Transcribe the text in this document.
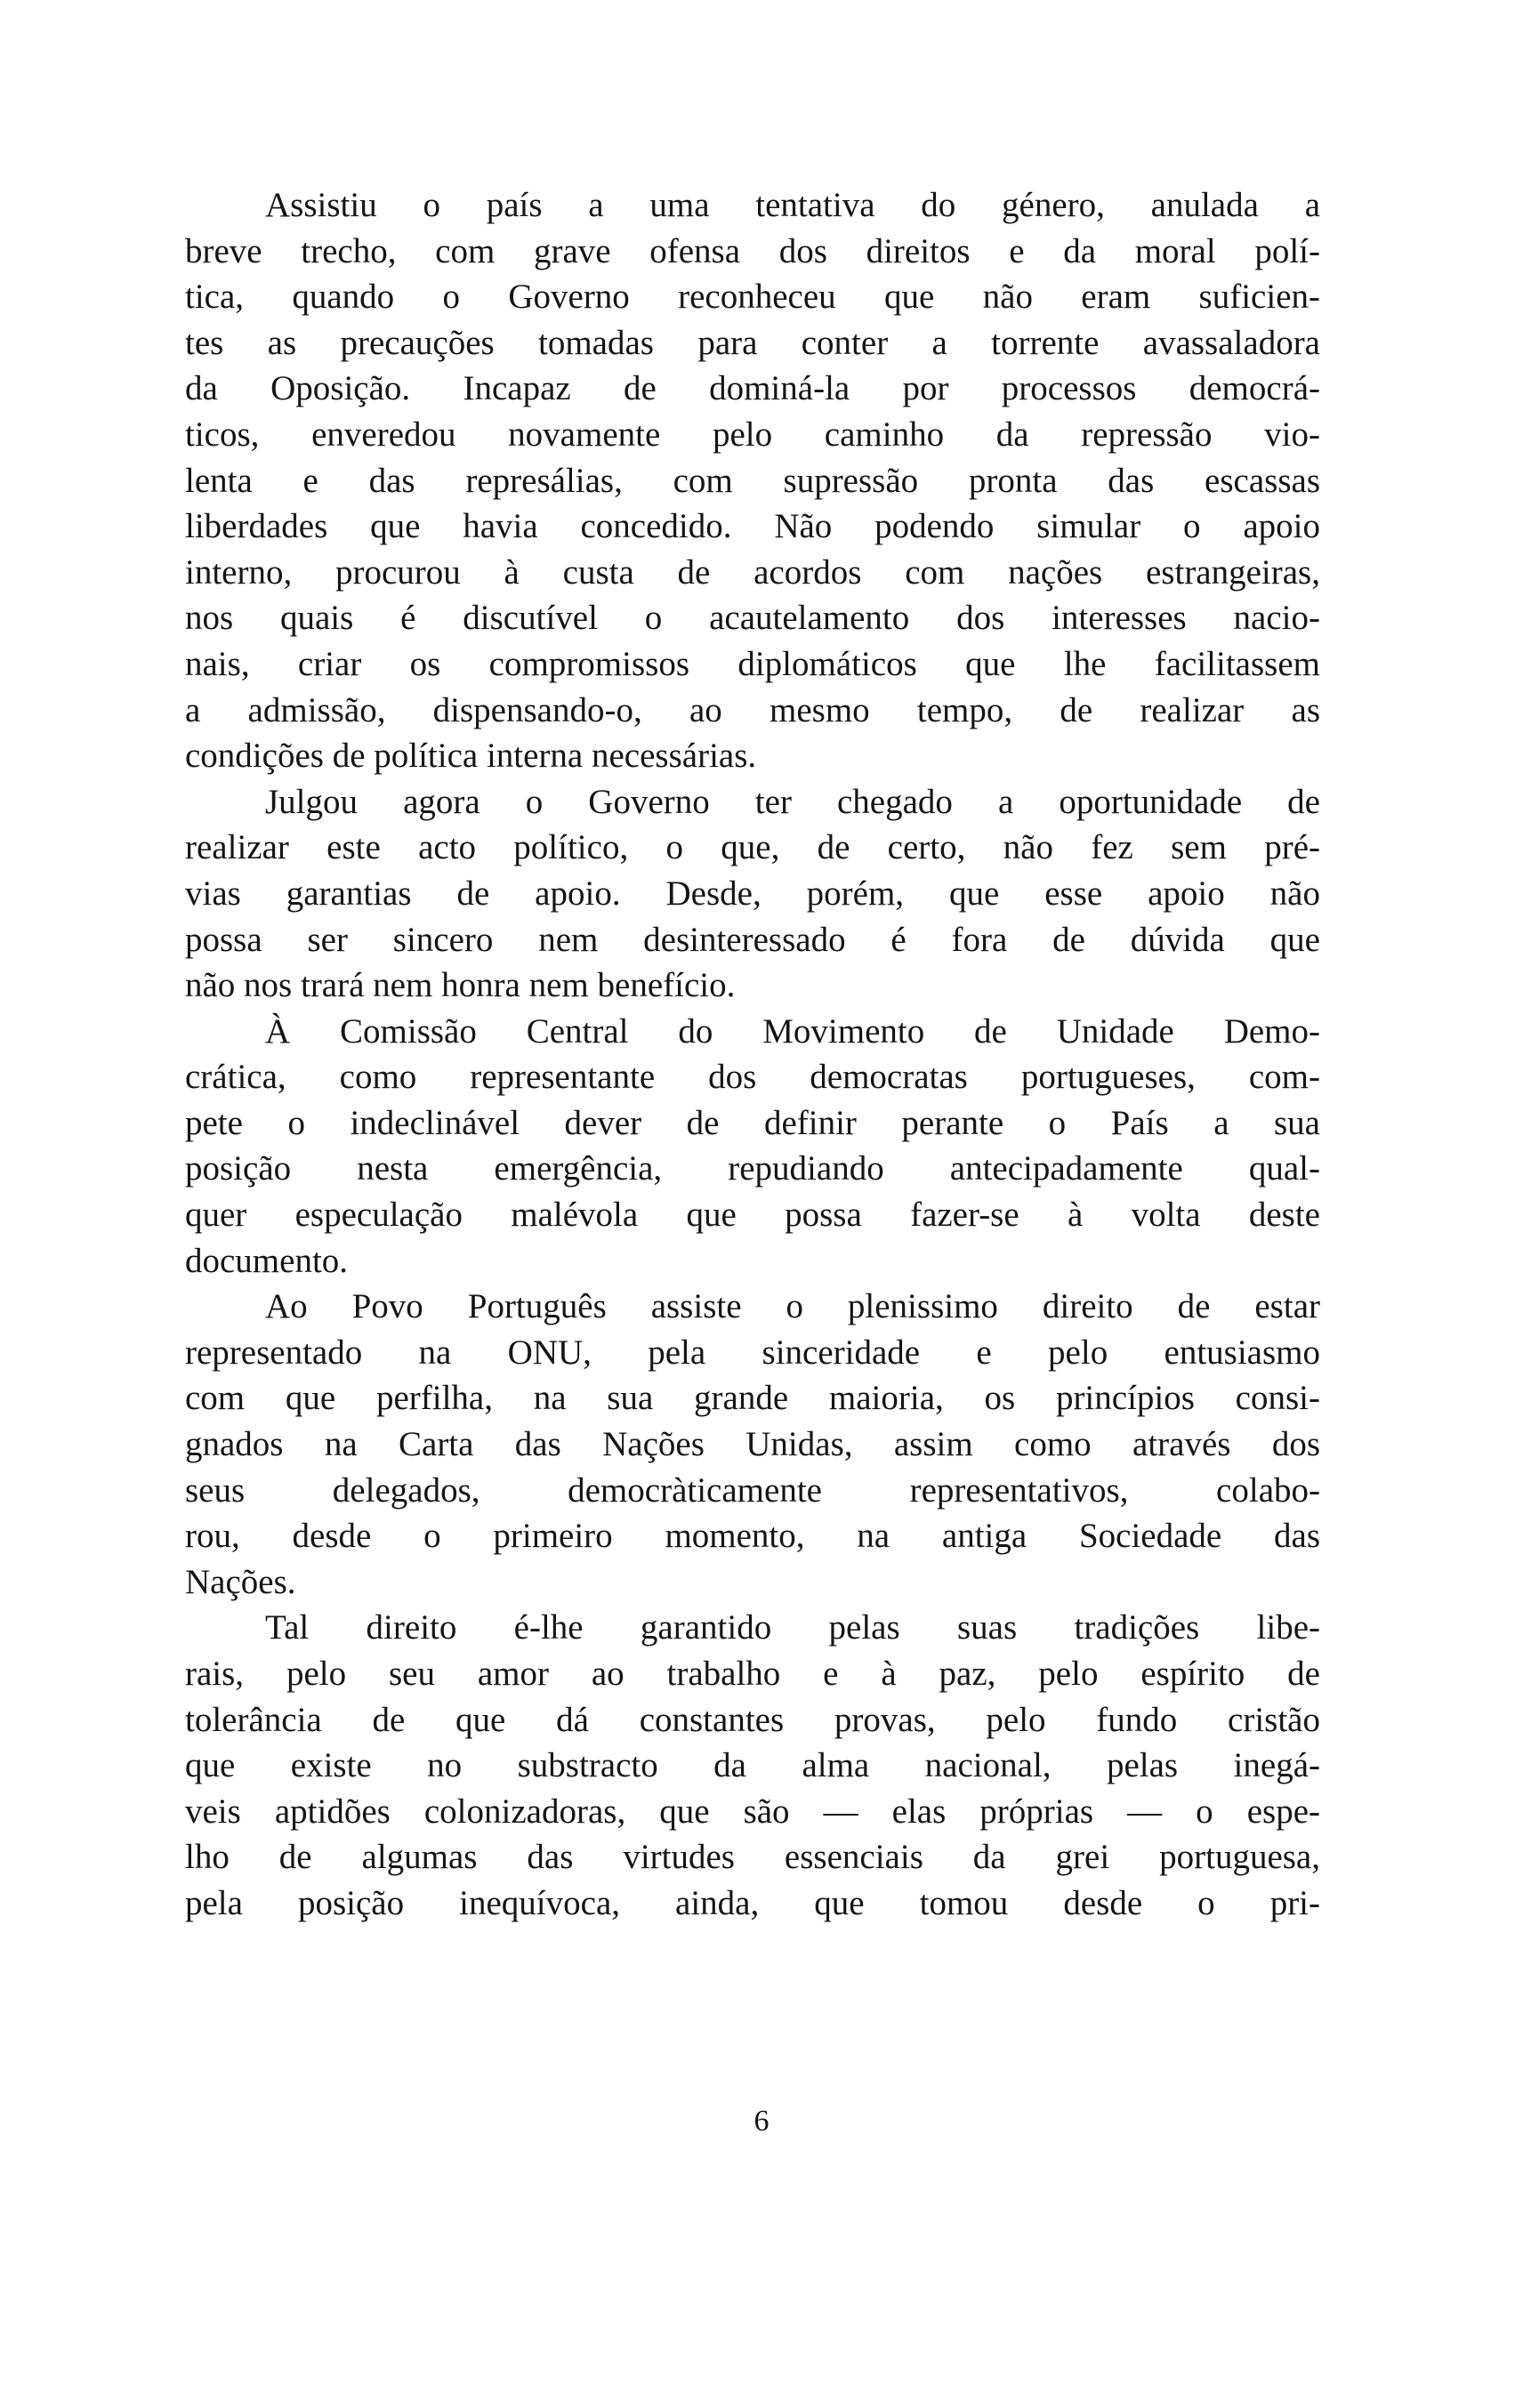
Assistiu o país a uma tentativa do género, anulada a
breve trecho, com grave ofensa dos direitos e da moral polí-
tica, quando o Governo reconheceu que não eram suficien-
tes as precauções tomadas para conter a torrente avassaladora
da Oposição. Incapaz de dominá-la por processos democrá-
ticos, enveredou novamente pelo caminho da repressão vio-
lenta e das represálias, com supressão pronta das escassas
liberdades que havia concedido. Não podendo simular o apoio
interno, procurou à custa de acordos com nações estrangeiras,
nos quais é discutível o acautelamento dos interesses nacio-
nais, criar os compromissos diplomáticos que lhe facilitassem
a admissão, dispensando-o, ao mesmo tempo, de realizar as
condições de política interna necessárias.
Julgou agora o Governo ter chegado a oportunidade de
realizar este acto político, o que, de certo, não fez sem pré-
vias garantias de apoio. Desde, porém, que esse apoio não
possa ser sincero nem desinteressado é fora de dúvida que
não nos trará nem honra nem benefício.
À Comissão Central do Movimento de Unidade Demo-
crática, como representante dos democratas portugueses, com-
pete o indeclinável dever de definir perante o País a sua
posição nesta emergência, repudiando antecipadamente qual-
quer especulação malévola que possa fazer-se à volta deste
documento.
Ao Povo Português assiste o plenissimo direito de estar
representado na ONU, pela sinceridade e pelo entusiasmo
com que perfilha, na sua grande maioria, os princípios consi-
gnados na Carta das Nações Unidas, assim como através dos
seus delegados, democràticamente representativos, colabo-
rou, desde o primeiro momento, na antiga Sociedade das
Nações.
Tal direito é-lhe garantido pelas suas tradições libe-
rais, pelo seu amor ao trabalho e à paz, pelo espírito de
tolerância de que dá constantes provas, pelo fundo cristão
que existe no substracto da alma nacional, pelas inegá-
veis aptidões colonizadoras, que são — elas próprias — o espe-
lho de algumas das virtudes essenciais da grei portuguesa,
pela posição inequívoca, ainda, que tomou desde o pri-
6
